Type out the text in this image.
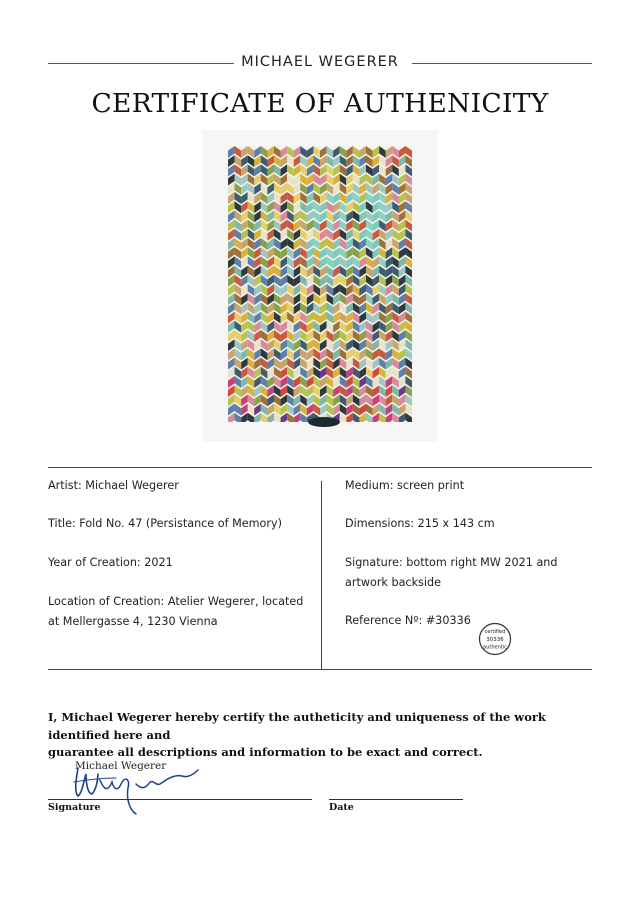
MICHAEL WEGERER
CERTIFICATE OF AUTHENICITY
Artist: Michael Wegerer
Title: Fold No. 47 (Persistance of Memory)
Year of Creation: 2021
Location of Creation: Atelier Wegerer, located
at Mellergasse 4, 1230 Vienna
Medium: screen print
Dimensions: 215 x 143 cm
Signature: bottom right MW 2021 and
artwork backside
Reference Nº: #30336
certified
30336
authentic
I, Michael Wegerer hereby certify the autheticity and uniqueness of the work identified here and
guarantee all descriptions and information to be exact and correct.
Michael Wegerer
Signature	Date
